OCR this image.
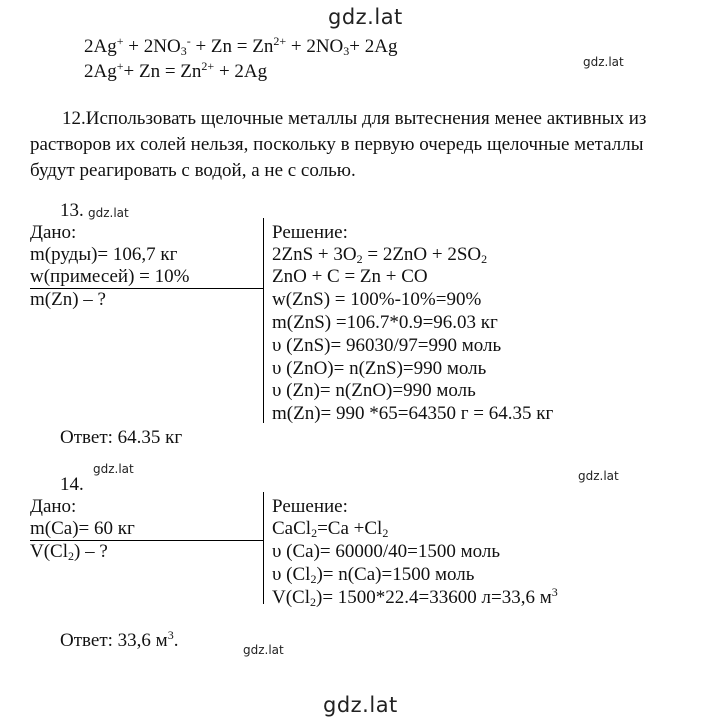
gdz.lat
gdz.lat
gdz.lat
gdz.lat	gdz.lat
gdz.lat
gdz.lat
$2Ag^+ + 2NO_3^- + Zn = Zn^{2+} + 2NO_3+ 2Ag$
$2Ag^++ Zn = Zn^{2+} + 2Ag$
12.Использовать щелочные металлы для вытеснения менее активных из
растворов их солей нельзя, поскольку в первую очередь щелочные металлы
будут реагировать с водой, а не с солью.
13.
Дано:
m(руды)= 106,7 кг
w(примесей) = 10%
m(Zn) – ?
Решение:
$2ZnS + 3O_2 = 2ZnO + 2SO_2$
ZnO + C = Zn + CO
w(ZnS) = 100%-10%=90%
m(ZnS) =106.7*0.9=96.03 кг
υ (ZnS)= 96030/97=990 моль
υ (ZnO)= n(ZnS)=990 моль
υ (Zn)= n(ZnO)=990 моль
m(Zn)= 990 *65=64350 г = 64.35 кг
Ответ: 64.35 кг
14.
Дано:
m(Ca)= 60 кг
$V(Cl_2)$ – ?
Решение:
CaCl$_2$=Ca $+Cl_2$
υ (Ca)= 60000/40=1500 моль
υ $(Cl_2)= n(Ca)=1500$ моль
$V(Cl_2)= 1500*22.4=33600$ л=33,6 $м^3$
Ответ: 33,6 $м^3$.
